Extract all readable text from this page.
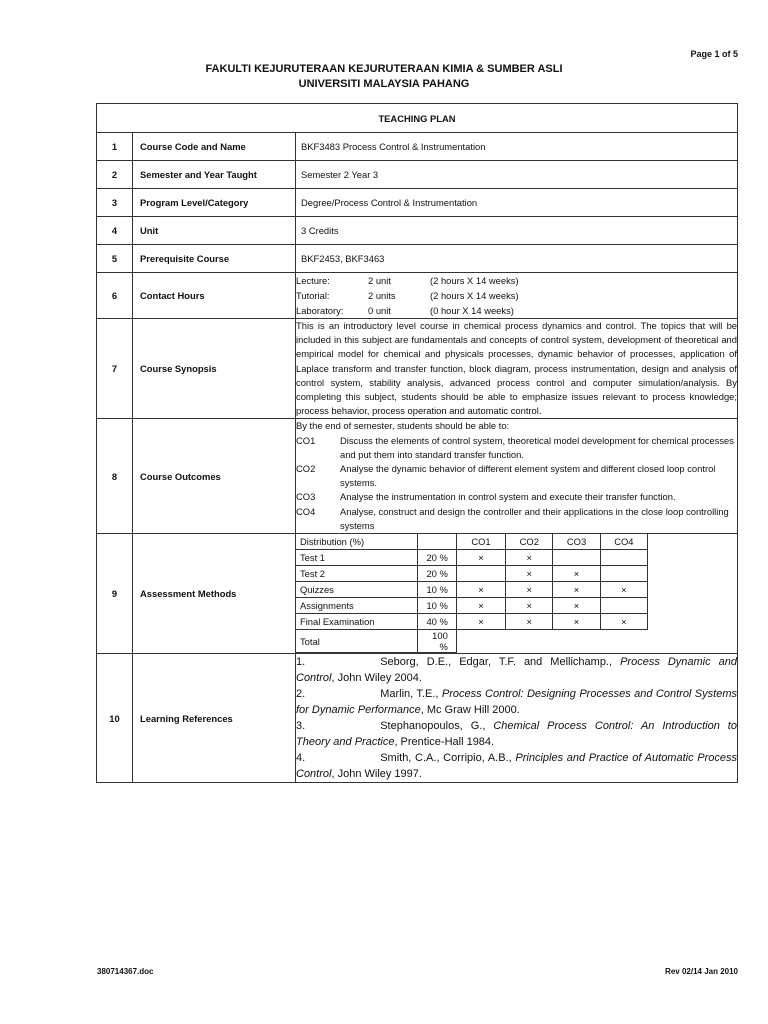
Page 1 of 5
FAKULTI KEJURUTERAAN KEJURUTERAAN KIMIA & SUMBER ASLI
UNIVERSITI MALAYSIA PAHANG
TEACHING PLAN
1	Course Code and Name	BKF3483 Process Control & Instrumentation
2	Semester and Year Taught	Semester 2 Year 3
3	Program Level/Category	Degree/Process Control & Instrumentation
4	Unit	3 Credits
5	Prerequisite Course	BKF2453, BKF3463
6	Contact Hours	
Lecture:	2 unit	(2 hours X 14 weeks)
Tutorial:	2 units	(2 hours X 14 weeks)
Laboratory:	0 unit	(0 hour X 14 weeks)

7	Course Synopsis	This is an introductory level course in chemical process dynamics and control. The topics that will be included in this subject are fundamentals and concepts of control system, development of theoretical and empirical model for chemical and physicals processes, dynamic behavior of processes, application of Laplace transform and transfer function, block diagram, process instrumentation, design and analysis of control system, stability analysis, advanced process control and computer simulation/analysis. By completing this subject, students should be able to emphasize issues relevant to process knowledge; process behavior, process operation and automatic control.
8	Course Outcomes	
By the end of semester, students should be able to:
CO1	Discuss the elements of control system, theoretical model development for chemical processes and put them into standard transfer function.
CO2	Analyse the dynamic behavior of different element system and different closed loop control systems.
CO3	Analyse the instrumentation in control system and execute their transfer function.
CO4	Analyse, construct and design the controller and their applications in the close loop controlling systems

9	Assessment Methods	
Distribution (%)		CO1	CO2	CO3	CO4
Test 1	20 %	×	×		
Test 2	20 %		×	×	
Quizzes	10 %	×	×	×	×
Assignments	10 %	×	×	×	
Final Examination	40 %	×	×	×	×
Total	100 %				

10	Learning References	
1.	Seborg, D.E., Edgar, T.F. and Mellichamp., Process Dynamic and Control, John Wiley 2004.
2.	Marlin, T.E., Process Control: Designing Processes and Control Systems for Dynamic Performance, Mc Graw Hill 2000.
3.	Stephanopoulos, G., Chemical Process Control: An Introduction to Theory and Practice, Prentice-Hall 1984.
4.	Smith, C.A., Corripio, A.B., Principles and Practice of Automatic Process Control, John Wiley 1997.
380714367.doc	Rev 02/14 Jan 2010
